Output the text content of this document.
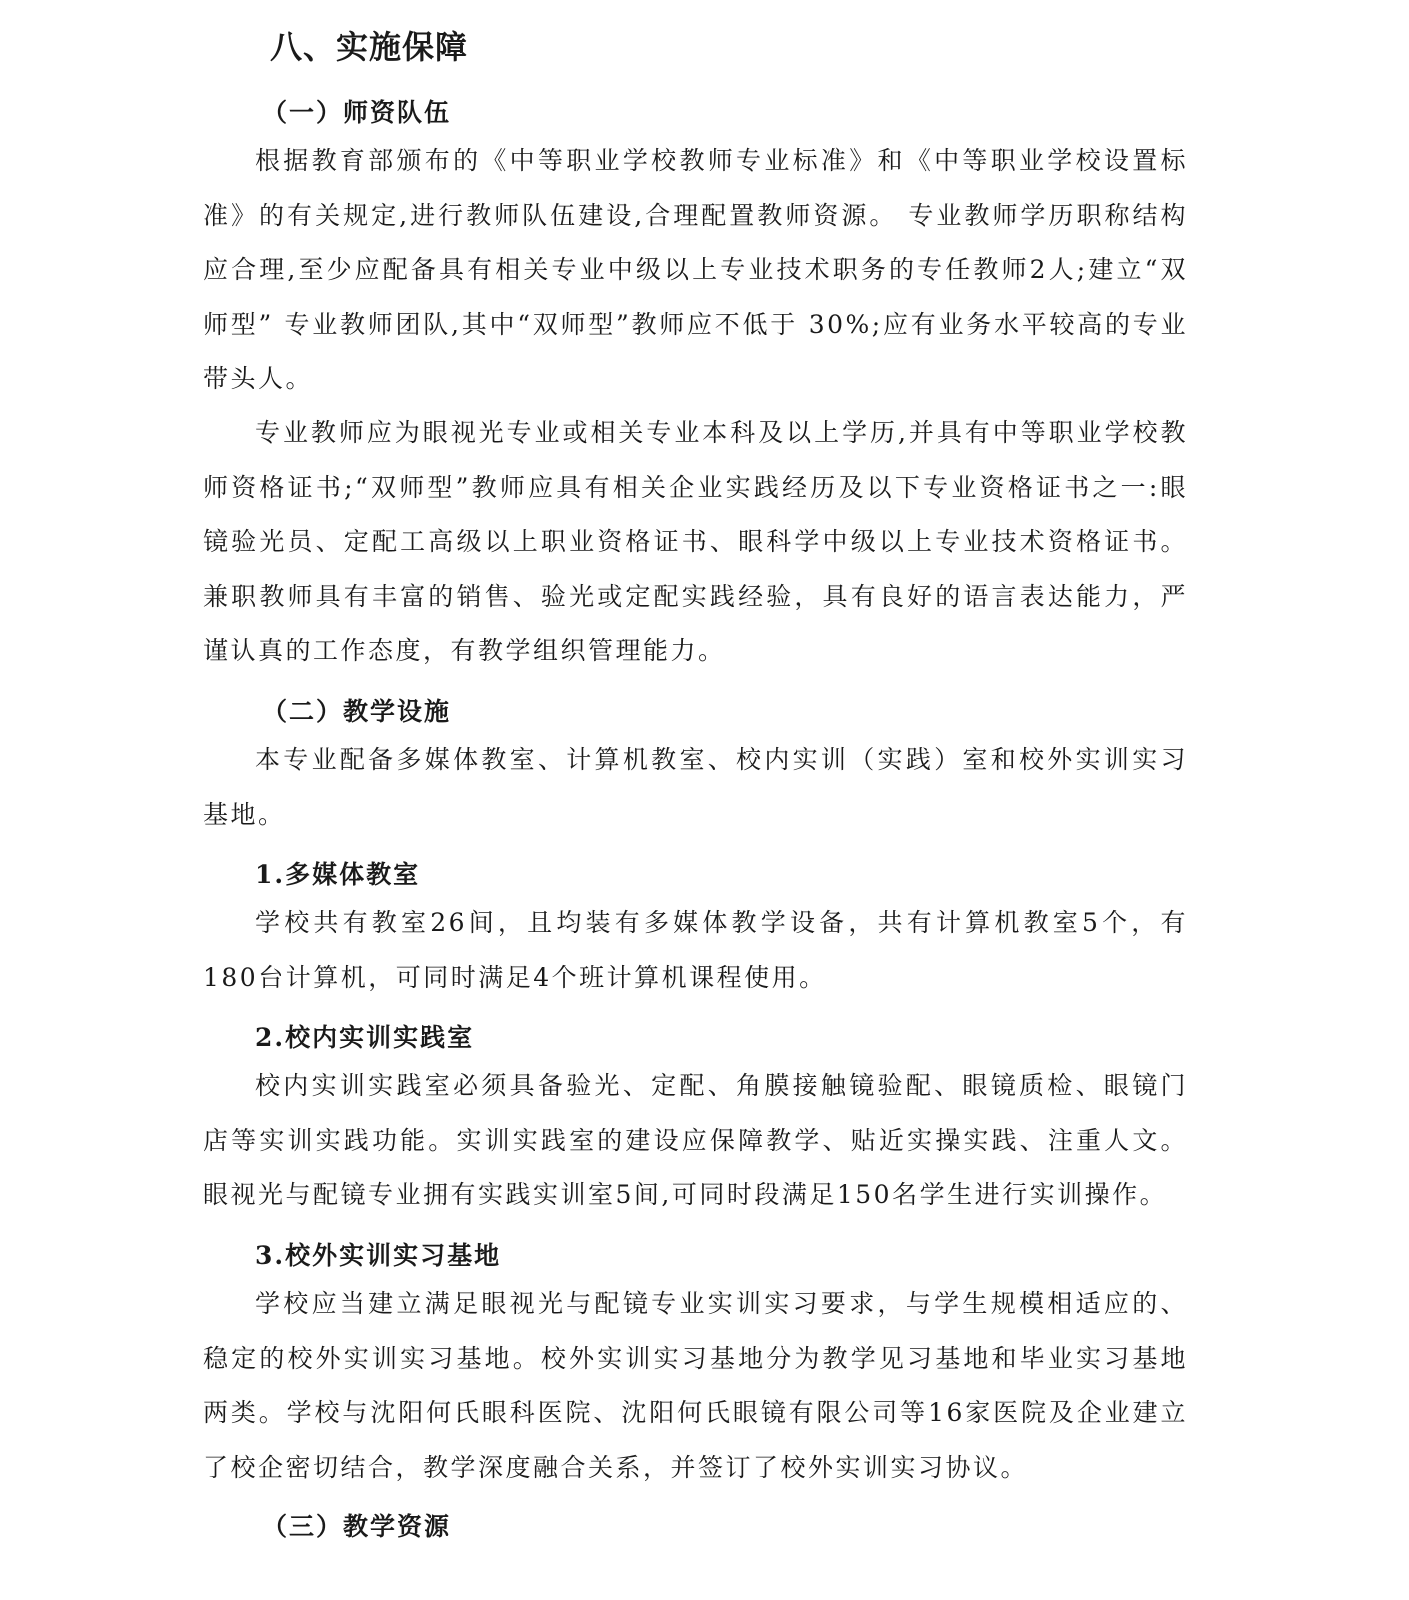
八、实施保障
（一）师资队伍

根据教育部颁布的《中等职业学校教师专业标准》和《中等职业学校设置标准》的有关规定,进行教师队伍建设,合理配置教师资源。 专业教师学历职称结构应合理,至少应配备具有相关专业中级以上专业技术职务的专任教师2人;建立“双师型” 专业教师团队,其中“双师型”教师应不低于 30%;应有业务水平较高的专业带头人。

专业教师应为眼视光专业或相关专业本科及以上学历,并具有中等职业学校教师资格证书;“双师型”教师应具有相关企业实践经历及以下专业资格证书之一:眼镜验光员、定配工高级以上职业资格证书、眼科学中级以上专业技术资格证书。兼职教师具有丰富的销售、验光或定配实践经验，具有良好的语言表达能力，严谨认真的工作态度，有教学组织管理能力。

（二）教学设施

本专业配备多媒体教室、计算机教室、校内实训（实践）室和校外实训实习基地。

1.多媒体教室

学校共有教室26间，且均装有多媒体教学设备，共有计算机教室5个，有180台计算机，可同时满足4个班计算机课程使用。

2.校内实训实践室

校内实训实践室必须具备验光、定配、角膜接触镜验配、眼镜质检、眼镜门店等实训实践功能。实训实践室的建设应保障教学、贴近实操实践、注重人文。眼视光与配镜专业拥有实践实训室5间,可同时段满足150名学生进行实训操作。

3.校外实训实习基地

学校应当建立满足眼视光与配镜专业实训实习要求，与学生规模相适应的、稳定的校外实训实习基地。校外实训实习基地分为教学见习基地和毕业实习基地两类。学校与沈阳何氏眼科医院、沈阳何氏眼镜有限公司等16家医院及企业建立了校企密切结合，教学深度融合关系，并签订了校外实训实习协议。

（三）教学资源
